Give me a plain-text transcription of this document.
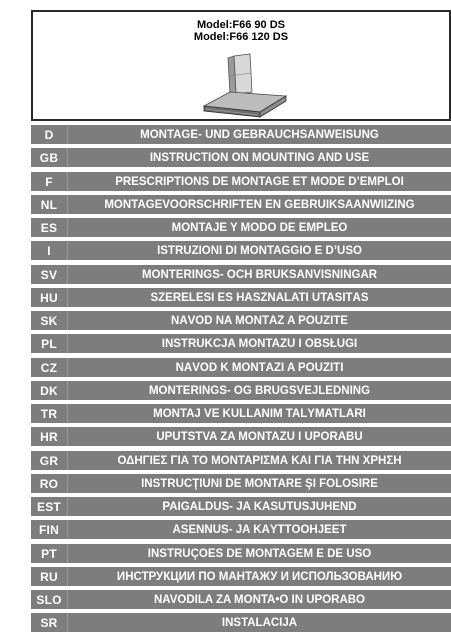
Model:F66 90 DS
Model:F66 120 DS
D	MONTAGE- UND GEBRAUCHSANWEISUNG
GB	INSTRUCTION ON MOUNTING AND USE
F	PRESCRIPTIONS DE MONTAGE ET MODE D’EMPLOI
NL	MONTAGEVOORSCHRIFTEN EN GEBRUIKSAANWIIZING
ES	MONTAJE Y MODO DE EMPLEO
I	ISTRUZIONI DI MONTAGGIO E D’USO
SV	MONTERINGS- OCH BRUKSANVISNINGAR
HU	SZERELÉSI ÉS HASZNÁLATI UTASÍTÁS
SK	NÁVOD NA MONTÁŽ A POUŽITE
PL	INSTRUKCJA MONTAŽU I OBSŁUGI
CZ	NÁVOD K MONTÁŽI A POUŽITÍ
DK	MONTERINGS- OG BRUGSVEJLEDNING
TR	MONTAJ VE KULLANIM TALÝMATLARI
HR	UPUTSTVA ZA MONTAŽU I UPORABU
GR	ΟΔΗΓΙΕΣ ΓΙΑ ΤΟ ΜΟΝΤΑΡΙΣΜΑ ΚΑΙ ΓΙΑ ΤΗΝ ΧΡΗΣΗ
RO	INSTRUCŢIUNI DE MONTARE ŞI FOLOSIRE
EST	PAIGALDUS- JA KASUTUSJUHEND
FIN	ASENNUS- JA KÄYTTÖOHJEET
PT	INSTRUÇÕES DE MONTAGEM E DE USO
RU	ИНСТРУКЦИИ ПО МАНТАЖУ И ИСПОЛЬЗОВАНИЮ
SLO	NAVODILA ZA MONTA•O IN UPORABO
SR	INSTALACIJA
